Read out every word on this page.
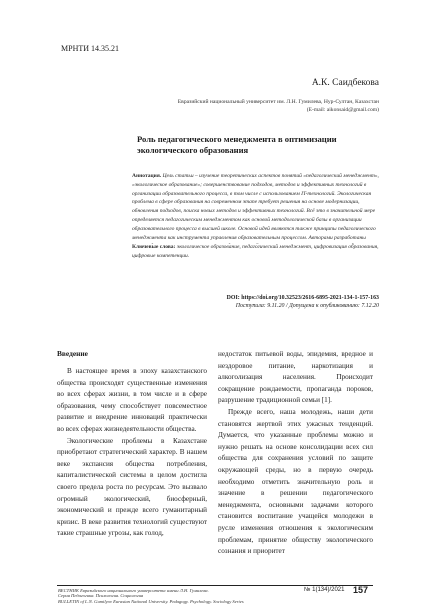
МРНТИ 14.35.21
А.К. Саидбекова
Евразийский национальный университет им. Л.Н. Гумилева, Нур-Султан, Казахстан
(E-mail: aikonsaid@gmail.com)
Роль педагогического менеджмента в оптимизации
экологического образования
Аннотация. Цель статьи – изучение теоретических аспектов понятий «педагогический менеджмент», «экологическое образование»; совершенствование подходов, методов и эффективных технологий в организации образовательного процесса, в том числе с использованием IT-технологий. Экологическая проблема в сфере образования на современном этапе требует решения на основе модернизации, обновления подходов, поиска новых методов и эффективных технологий. Всё это в значительной мере определяется педагогическим менеджментом как основой методологической базы в организации образовательного процесса в высшей школе. Основой идей являются также принципы педагогического менеджмента как инструмента управления образовательным процессом. Авторами разработаны
Ключевые слова: экологическое образование, педагогический менеджмент, цифровизация образования, цифровые компетенции.
DOI: https://doi.org/10.32523/2616-6895-2021-134-1-157-163
Поступила: 9.11.20 / Допущена к опубликованию: 7.12.20
Введение

В настоящее время в эпоху казахстанского общества происходят существенные изменения во всех сферах жизни, в том числе и в сфере образования, чему способствует повсеместное развитие и внедрение инноваций практически во всех сферах жизнедеятельности общества.

Экологические проблемы в Казахстане приобретают стратегический характер. В нашем веке экспансия общества потребления, капиталистической системы в целом достигла своего предела роста по ресурсам. Это вызвало огромный экологический, биосферный, экономический и прежде всего гуманитарный кризис. В веке развития технологий существуют такие страшные угрозы, как голод,

недостаток питьевой воды, эпидемия, вредное и нездоровое питание, наркотизация и алкоголизация населения. Происходит сокращение рождаемости, пропаганда пороков, разрушение традиционной семьи [1].

Прежде всего, наша молодежь, наши дети становятся жертвой этих ужасных тенденций. Думается, что указанные проблемы можно и нужно решать на основе консолидации всех сил общества для сохранения условий по защите окружающей среды, но в первую очередь необходимо отметить значительную роль и значение в решении педагогического менеджмента, основными задачами которого становится воспитание учащейся молодежи в русле изменения отношения к экологическим проблемам, принятие обществу экологического сознания и приоритет

ВЕСТНИК Евразийского национального университета имени Л.Н. Гумилева.
Серия Педагогика. Психология. Социология
BULLETIN of L.N. Gumilyov Eurasian National University. Pedagogy. Psychology. Sociology Series
№ 1(134)/2021 157
